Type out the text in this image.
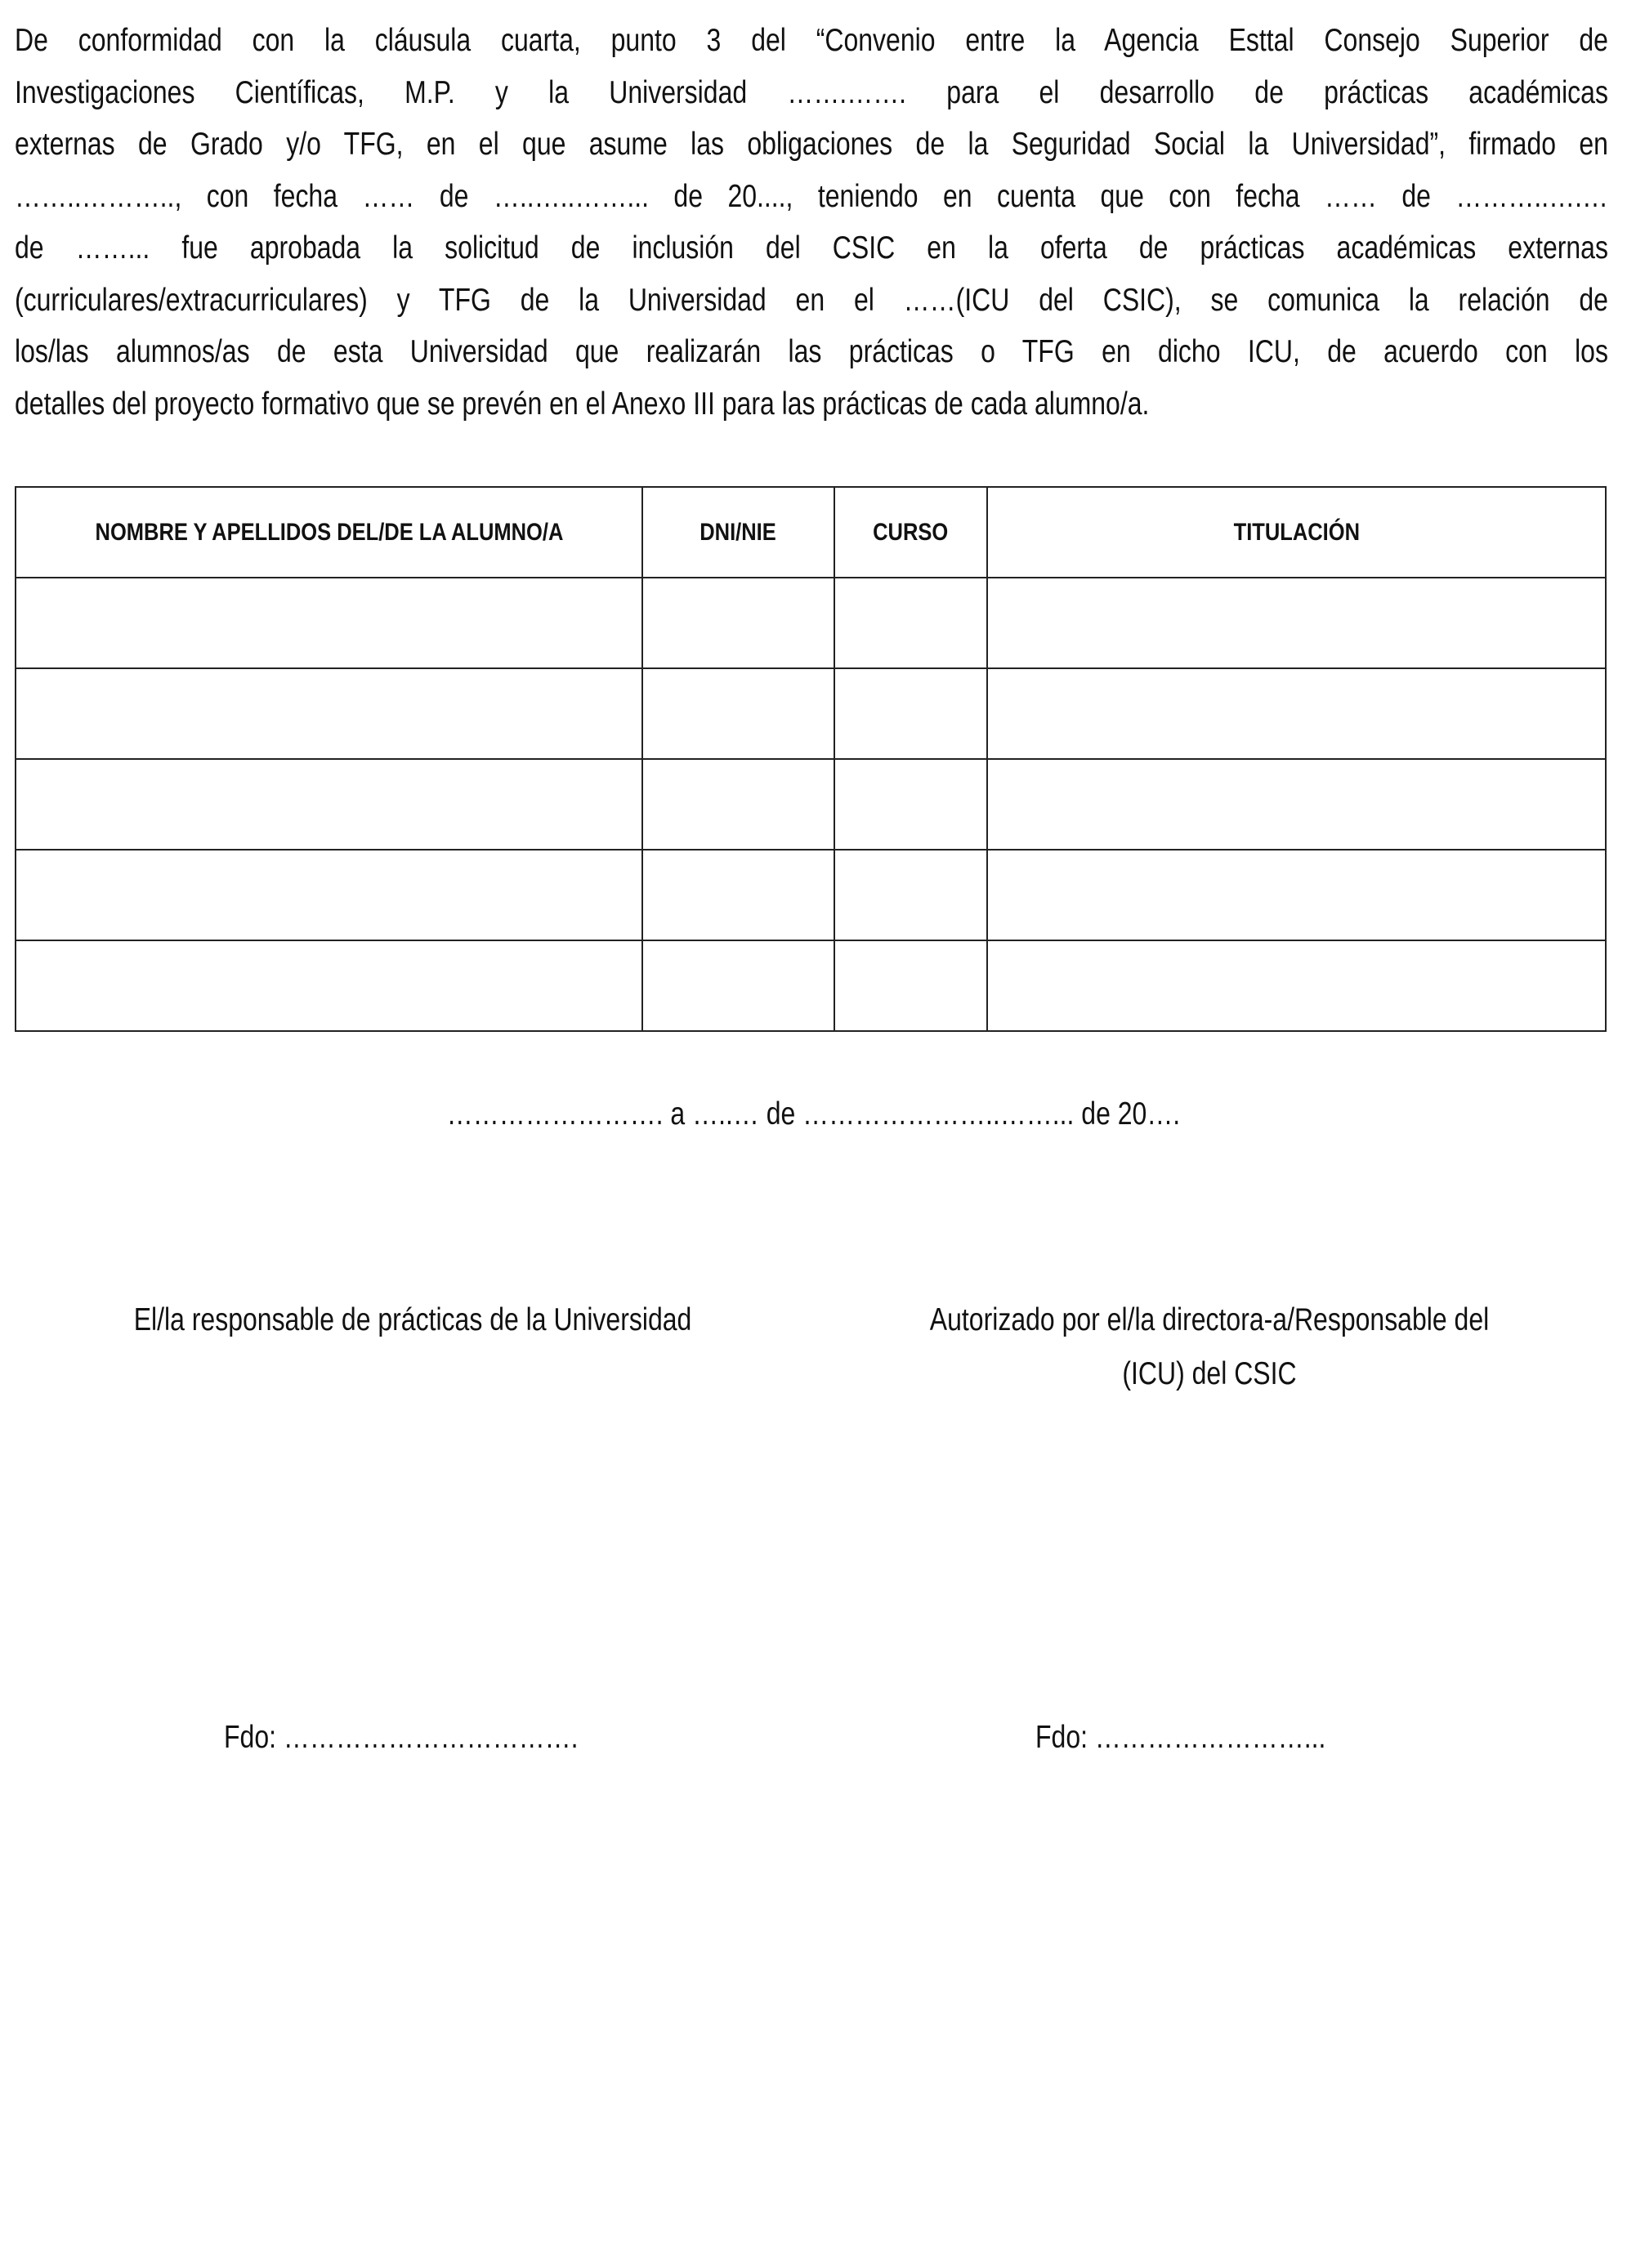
De conformidad con la cláusula cuarta, punto 3 del “Convenio entre la Agencia Esttal Consejo Superior de
Investigaciones Científicas, M.P. y la Universidad …….……. para el desarrollo de prácticas académicas
externas de Grado y/o TFG, en el que asume las obligaciones de la Seguridad Social la Universidad”, firmado en
……..……….., con fecha …… de …..…..……... de 20...., teniendo en cuenta que con fecha …… de ………..….…
de ……... fue aprobada la solicitud de inclusión del CSIC en la oferta de prácticas académicas externas
(curriculares/extracurriculares) y TFG de la Universidad en el ……(ICU del CSIC), se comunica la relación de
los/las alumnos/as de esta Universidad que realizarán las prácticas o TFG en dicho ICU, de acuerdo con los
detalles del proyecto formativo que se prevén en el Anexo III para las prácticas de cada alumno/a.
NOMBRE Y APELLIDOS DEL/DE LA ALUMNO/A	DNI/NIE	CURSO	TITULACIÓN

……………………. a …..… de …………………..……... de 20….
El/la responsable de prácticas de la Universidad	Autorizado por el/la directora-a/Responsable del
(ICU) del CSIC
Fdo: …………………………….	Fdo: ……………………...
